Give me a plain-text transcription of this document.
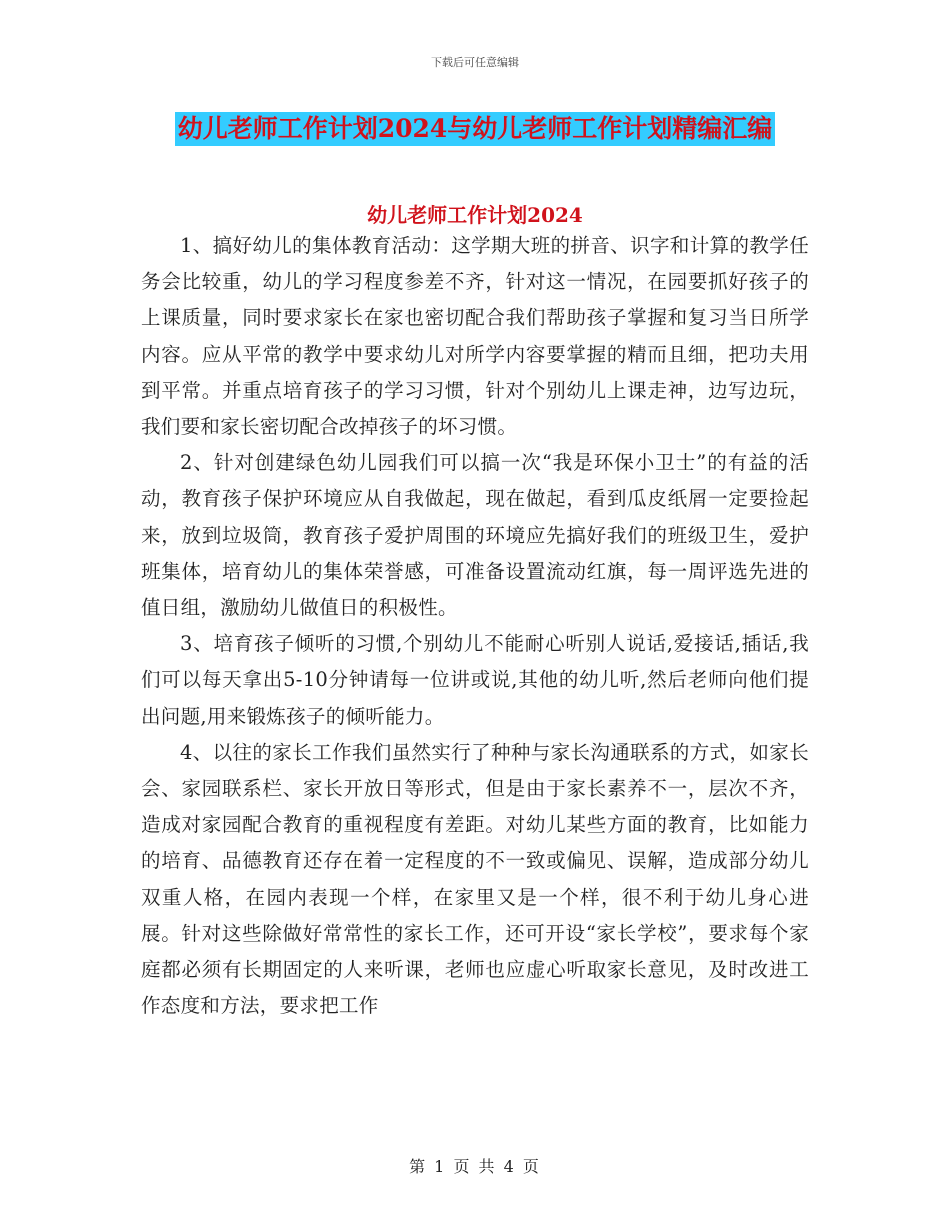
下载后可任意编辑
幼儿老师工作计划2024与幼儿老师工作计划精编汇编
幼儿老师工作计划2024

1、搞好幼儿的集体教育活动：这学期大班的拼音、识字和计算的教学任务会比较重，幼儿的学习程度参差不齐，针对这一情况，在园要抓好孩子的上课质量，同时要求家长在家也密切配合我们帮助孩子掌握和复习当日所学内容。应从平常的教学中要求幼儿对所学内容要掌握的精而且细，把功夫用到平常。并重点培育孩子的学习习惯，针对个别幼儿上课走神，边写边玩，我们要和家长密切配合改掉孩子的坏习惯。

2、针对创建绿色幼儿园我们可以搞一次“我是环保小卫士”的有益的活动，教育孩子保护环境应从自我做起，现在做起，看到瓜皮纸屑一定要捡起来，放到垃圾筒，教育孩子爱护周围的环境应先搞好我们的班级卫生，爱护班集体，培育幼儿的集体荣誉感，可准备设置流动红旗，每一周评选先进的值日组，激励幼儿做值日的积极性。

3、培育孩子倾听的习惯,个别幼儿不能耐心听别人说话,爱接话,插话,我们可以每天拿出5-10分钟请每一位讲或说,其他的幼儿听,然后老师向他们提出问题,用来锻炼孩子的倾听能力。

4、以往的家长工作我们虽然实行了种种与家长沟通联系的方式，如家长会、家园联系栏、家长开放日等形式，但是由于家长素养不一，层次不齐，造成对家园配合教育的重视程度有差距。对幼儿某些方面的教育，比如能力的培育、品德教育还存在着一定程度的不一致或偏见、误解，造成部分幼儿双重人格，在园内表现一个样，在家里又是一个样，很不利于幼儿身心进展。针对这些除做好常常性的家长工作，还可开设“家长学校”，要求每个家庭都必须有长期固定的人来听课，老师也应虚心听取家长意见，及时改进工作态度和方法，要求把工作

第 1 页 共 4 页
